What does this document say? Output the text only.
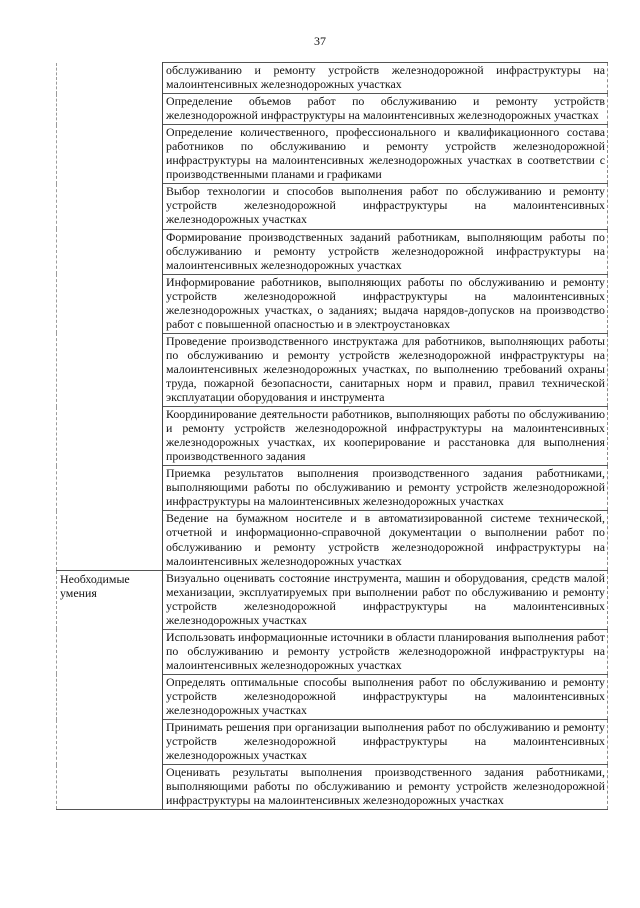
37
	обслуживанию и ремонту устройств железнодорожной инфраструктуры на малоинтенсивных железнодорожных участках
	Определение объемов работ по обслуживанию и ремонту устройств железнодорожной инфраструктуры на малоинтенсивных железнодорожных участках
	Определение количественного, профессионального и квалификационного состава работников по обслуживанию и ремонту устройств железнодорожной инфраструктуры на малоинтенсивных железнодорожных участках в соответствии с производственными планами и графиками
	Выбор технологии и способов выполнения работ по обслуживанию и ремонту устройств железнодорожной инфраструктуры на малоинтенсивных железнодорожных участках
	Формирование производственных заданий работникам, выполняющим работы по обслуживанию и ремонту устройств железнодорожной инфраструктуры на малоинтенсивных железнодорожных участках
	Информирование работников, выполняющих работы по обслуживанию и ремонту устройств железнодорожной инфраструктуры на малоинтенсивных железнодорожных участках, о заданиях; выдача нарядов-допусков на производство работ с повышенной опасностью и в электроустановках
	Проведение производственного инструктажа для работников, выполняющих работы по обслуживанию и ремонту устройств железнодорожной инфраструктуры на малоинтенсивных железнодорожных участках, по выполнению требований охраны труда, пожарной безопасности, санитарных норм и правил, правил технической эксплуатации оборудования и инструмента
	Координирование деятельности работников, выполняющих работы по обслуживанию и ремонту устройств железнодорожной инфраструктуры на малоинтенсивных железнодорожных участках, их кооперирование и расстановка для выполнения производственного задания
	Приемка результатов выполнения производственного задания работниками, выполняющими работы по обслуживанию и ремонту устройств железнодорожной инфраструктуры на малоинтенсивных железнодорожных участках
	Ведение на бумажном носителе и в автоматизированной системе технической, отчетной и информационно-справочной документации о выполнении работ по обслуживанию и ремонту устройств железнодорожной инфраструктуры на малоинтенсивных железнодорожных участках
Необходимые умения	Визуально оценивать состояние инструмента, машин и оборудования, средств малой механизации, эксплуатируемых при выполнении работ по обслуживанию и ремонту устройств железнодорожной инфраструктуры на малоинтенсивных железнодорожных участках
	Использовать информационные источники в области планирования выполнения работ по обслуживанию и ремонту устройств железнодорожной инфраструктуры на малоинтенсивных железнодорожных участках
	Определять оптимальные способы выполнения работ по обслуживанию и ремонту устройств железнодорожной инфраструктуры на малоинтенсивных железнодорожных участках
	Принимать решения при организации выполнения работ по обслуживанию и ремонту устройств железнодорожной инфраструктуры на малоинтенсивных железнодорожных участках
	Оценивать результаты выполнения производственного задания работниками, выполняющими работы по обслуживанию и ремонту устройств железнодорожной инфраструктуры на малоинтенсивных железнодорожных участках
